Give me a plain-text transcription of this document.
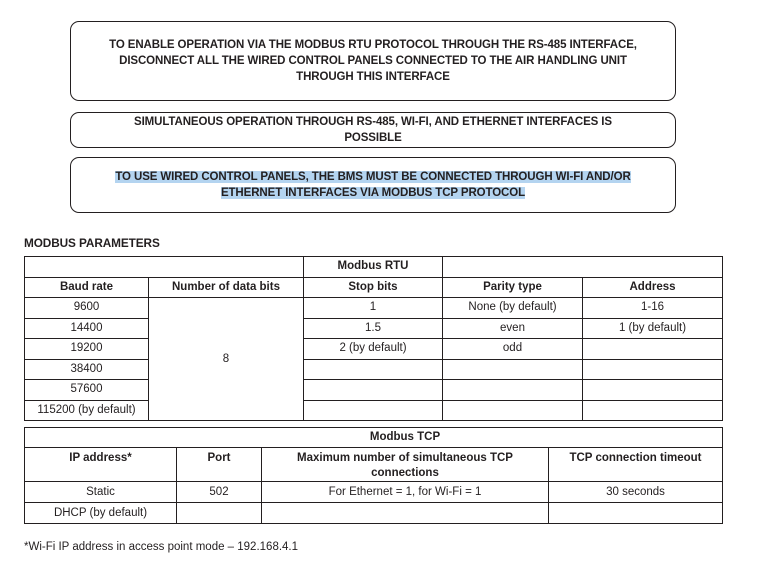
TO ENABLE OPERATION VIA THE MODBUS RTU PROTOCOL THROUGH THE RS-485 INTERFACE,
DISCONNECT ALL THE WIRED CONTROL PANELS CONNECTED TO THE AIR HANDLING UNIT
THROUGH THIS INTERFACE
SIMULTANEOUS OPERATION THROUGH RS-485, WI-FI, AND ETHERNET INTERFACES IS
POSSIBLE
TO USE WIRED CONTROL PANELS, THE BMS MUST BE CONNECTED THROUGH WI-FI AND/OR
ETHERNET INTERFACES VIA MODBUS TCP PROTOCOL
MODBUS PARAMETERS
		Modbus RTU		
Baud rate	Number of data bits	Stop bits	Parity type	Address
9600	8	1	None (by default)	1-16
14400		1.5	even	1 (by default)
19200		2 (by default)	odd	
38400				
57600				
115200 (by default)				
		Modbus TCP	
IP address*	Port	Maximum number of simultaneous TCP connections	TCP connection timeout
Static	502	For Ethernet = 1, for Wi-Fi = 1	30 seconds
DHCP (by default)			
*Wi-Fi IP address in access point mode – 192.168.4.1
